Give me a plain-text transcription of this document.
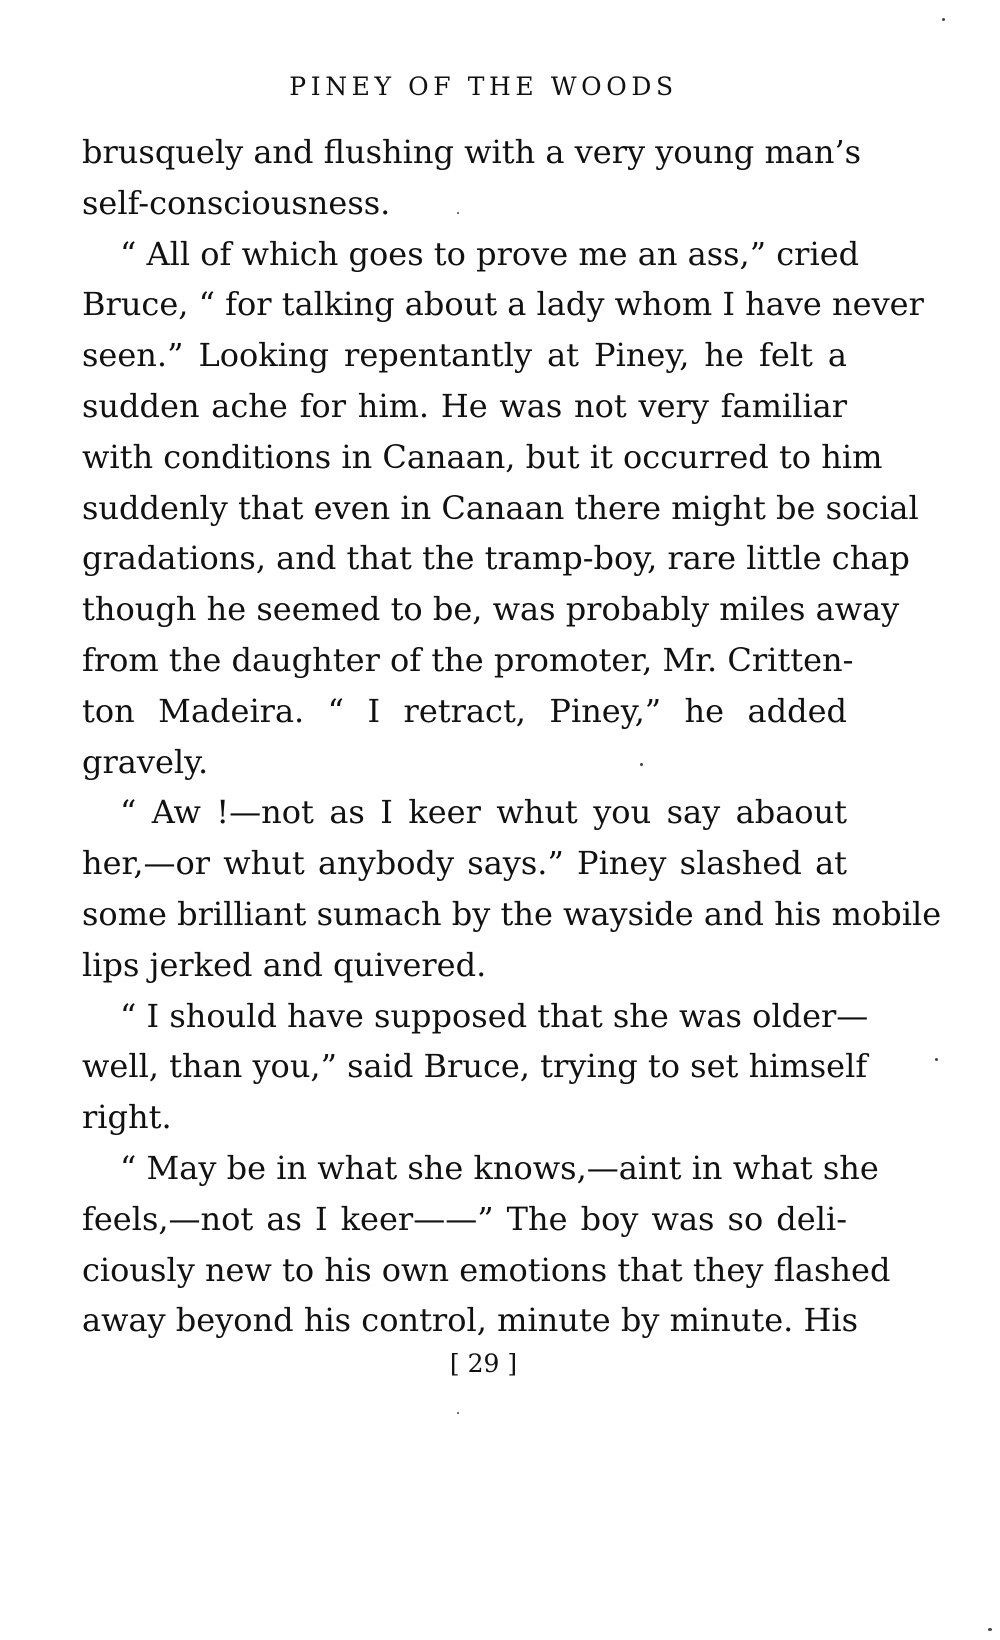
PINEY OF THE WOODS
brusquely and flushing with a very young man’s
self-consciousness.
“ All of which goes to prove me an ass,” cried
Bruce, “ for talking about a lady whom I have never
seen.” Looking repentantly at Piney, he felt a
sudden ache for him. He was not very familiar
with conditions in Canaan, but it occurred to him
suddenly that even in Canaan there might be social
gradations, and that the tramp-boy, rare little chap
though he seemed to be, was probably miles away
from the daughter of the promoter, Mr. Critten-
ton Madeira. “ I retract, Piney,” he added
gravely.
“ Aw !—not as I keer whut you say abaout
her,—or whut anybody says.” Piney slashed at
some brilliant sumach by the wayside and his mobile
lips jerked and quivered.
“ I should have supposed that she was older—
well, than you,” said Bruce, trying to set himself
right.
“ May be in what she knows,—aint in what she
feels,—not as I keer——” The boy was so deli-
ciously new to his own emotions that they flashed
away beyond his control, minute by minute. His
[ 29 ]
